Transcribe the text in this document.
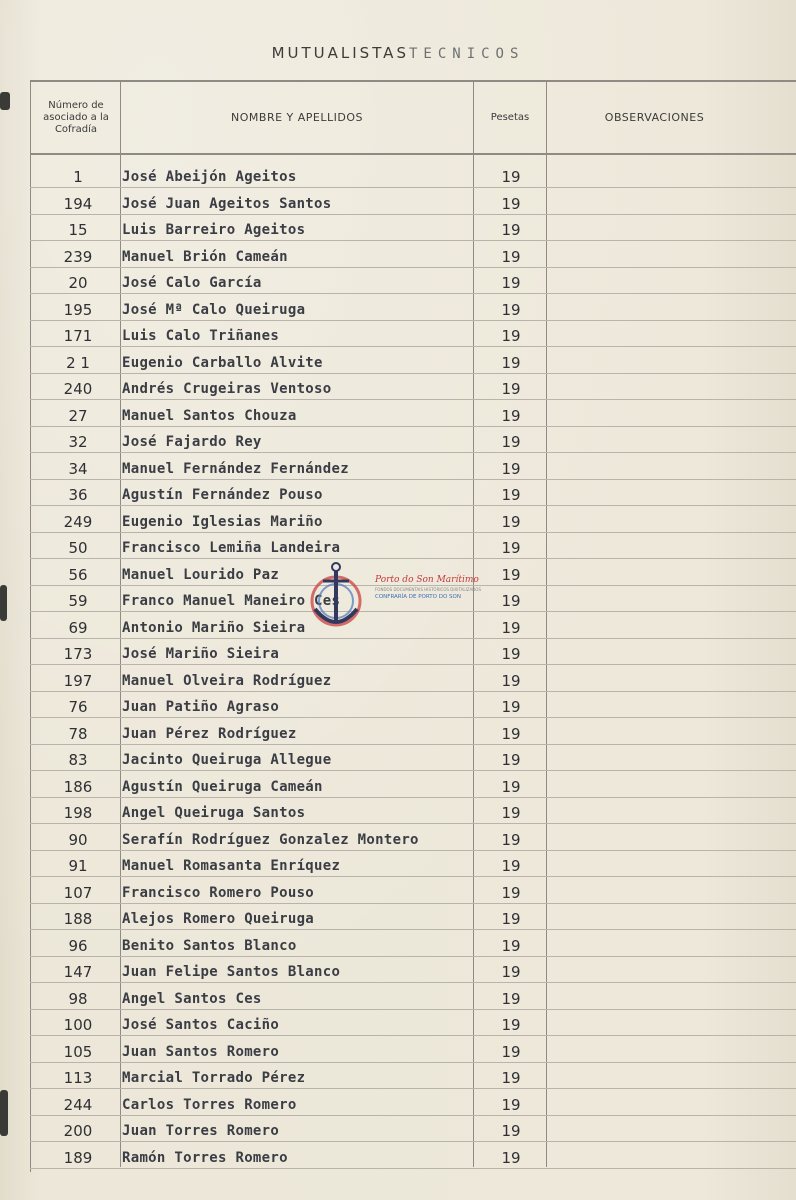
MUTUALISTASTECNICOS
Número de asociado a la Cofradía
NOMBRE Y APELLIDOS	Pesetas	OBSERVACIONES
1	José Abeijón Ageitos	19
194	José Juan Ageitos Santos	19
15	Luis Barreiro Ageitos	19
239	Manuel Brión Cameán	19
20	José Calo García	19
195	José Mª Calo Queiruga	19
171	Luis Calo Triñanes	19
2 1	Eugenio Carballo Alvite	19
240	Andrés Crugeiras Ventoso	19
27	Manuel Santos Chouza	19
32	José Fajardo Rey	19
34	Manuel Fernández Fernández	19
36	Agustín Fernández Pouso	19
249	Eugenio Iglesias Mariño	19
50	Francisco Lemiña Landeira	19
56	Manuel Lourido Paz	19
59	Franco Manuel Maneiro Ces	19
69	Antonio Mariño Sieira	19
173	José Mariño Sieira	19
197	Manuel Olveira Rodríguez	19
76	Juan Patiño Agraso	19
78	Juan Pérez Rodríguez	19
83	Jacinto Queiruga Allegue	19
186	Agustín Queiruga Cameán	19
198	Angel Queiruga Santos	19
90	Serafín Rodríguez Gonzalez Montero	19
91	Manuel Romasanta Enríquez	19
107	Francisco Romero Pouso	19
188	Alejos Romero Queiruga	19
96	Benito Santos Blanco	19
147	Juan Felipe Santos Blanco	19
98	Angel Santos Ces	19
100	José Santos Caciño	19
105	Juan Santos Romero	19
113	Marcial Torrado Pérez	19
244	Carlos Torres Romero	19
200	Juan Torres Romero	19
189	Ramón Torres Romero	19
Porto do Son Marítimo
FONDOS DOCUMENTAIS HISTÓRICOS DIXITALIZADOS
CONFRARÍA DE PORTO DO SON
